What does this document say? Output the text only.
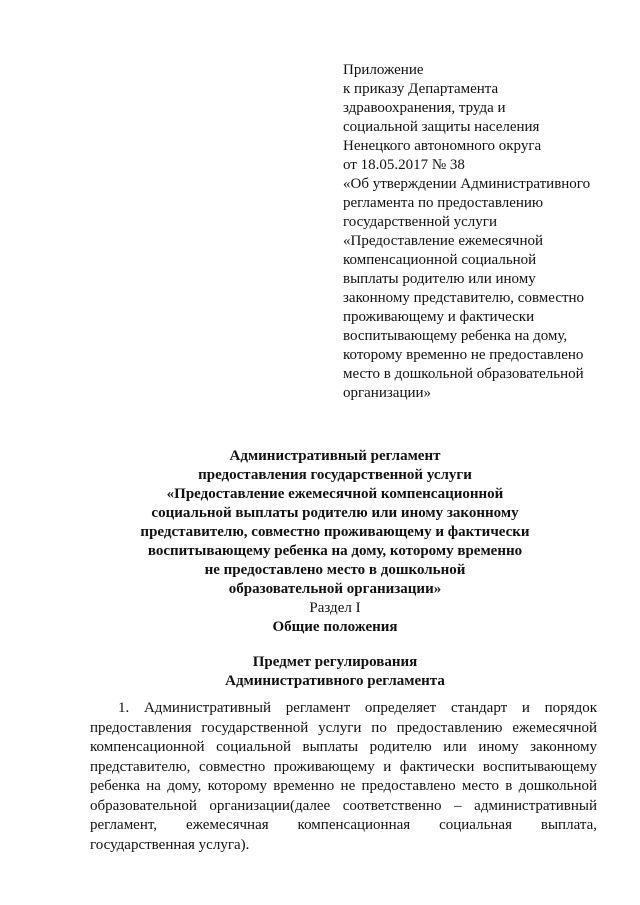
Приложение
к приказу Департамента
здравоохранения, труда и
социальной защиты населения
Ненецкого автономного округа
от 18.05.2017 № 38
«Об утверждении Административного
регламента по предоставлению
государственной услуги
«Предоставление ежемесячной
компенсационной социальной
выплаты родителю или иному
законному представителю, совместно
проживающему и фактически
воспитывающему ребенка на дому,
которому временно не предоставлено
место в дошкольной образовательной
организации»
Административный регламент
предоставления государственной услуги
«Предоставление ежемесячной компенсационной
социальной выплаты родителю или иному законному
представителю, совместно проживающему и фактически
воспитывающему ребенка на дому, которому временно
не предоставлено место в дошкольной
образовательной организации»
Раздел I
Общие положения
Предмет регулирования
Административного регламента
1. Административный регламент определяет стандарт и порядок
предоставления государственной услуги по предоставлению ежемесячной
компенсационной социальной выплаты родителю или иному законному
представителю, совместно проживающему и фактически воспитывающему
ребенка на дому, которому временно не предоставлено место в дошкольной
образовательной организации(далее соответственно – административный
регламент, ежемесячная компенсационная социальная выплата,
государственная услуга).
